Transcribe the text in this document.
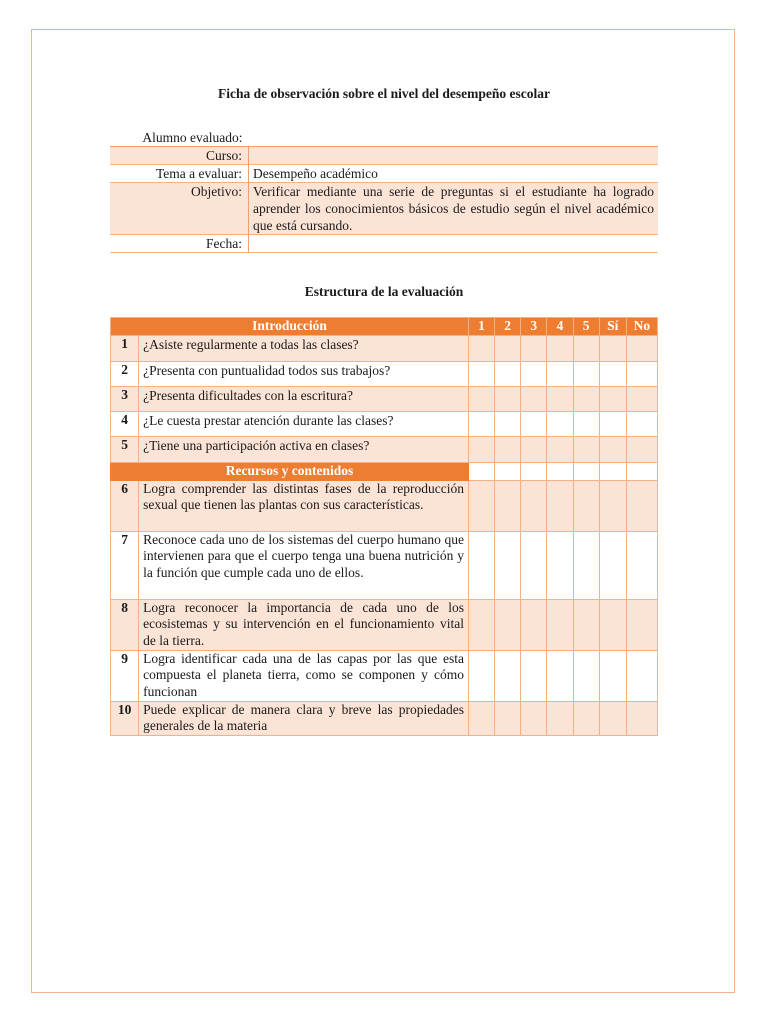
Ficha de observación sobre el nivel del desempeño escolar
Alumno evaluado:	
Curso:	
Tema a evaluar:	Desempeño académico
Objetivo:	Verificar mediante una serie de preguntas si el estudiante ha logrado aprender los conocimientos básicos de estudio según el nivel académico que está cursando.
Fecha:	
Estructura de la evaluación
Introducción		1	2	3	4	5	Sí	No
1	¿Asiste regularmente a todas las clases?							
2	¿Presenta con puntualidad todos sus trabajos?							
3	¿Presenta dificultades con la escritura?							
4	¿Le cuesta prestar atención durante las clases?							
5	¿Tiene una participación activa en clases?							
Recursos y contenidos								
6	Logra comprender las distintas fases de la reproducción sexual que tienen las plantas con sus características.							
7	Reconoce cada uno de los sistemas del cuerpo humano que intervienen para que el cuerpo tenga una buena nutrición y la función que cumple cada uno de ellos.							
8	Logra reconocer la importancia de cada uno de los ecosistemas y su intervención en el funcionamiento vital de la tierra.							
9	Logra identificar cada una de las capas por las que esta compuesta el planeta tierra, como se componen y cómo funcionan							
10	Puede explicar de manera clara y breve las propiedades generales de la materia							
